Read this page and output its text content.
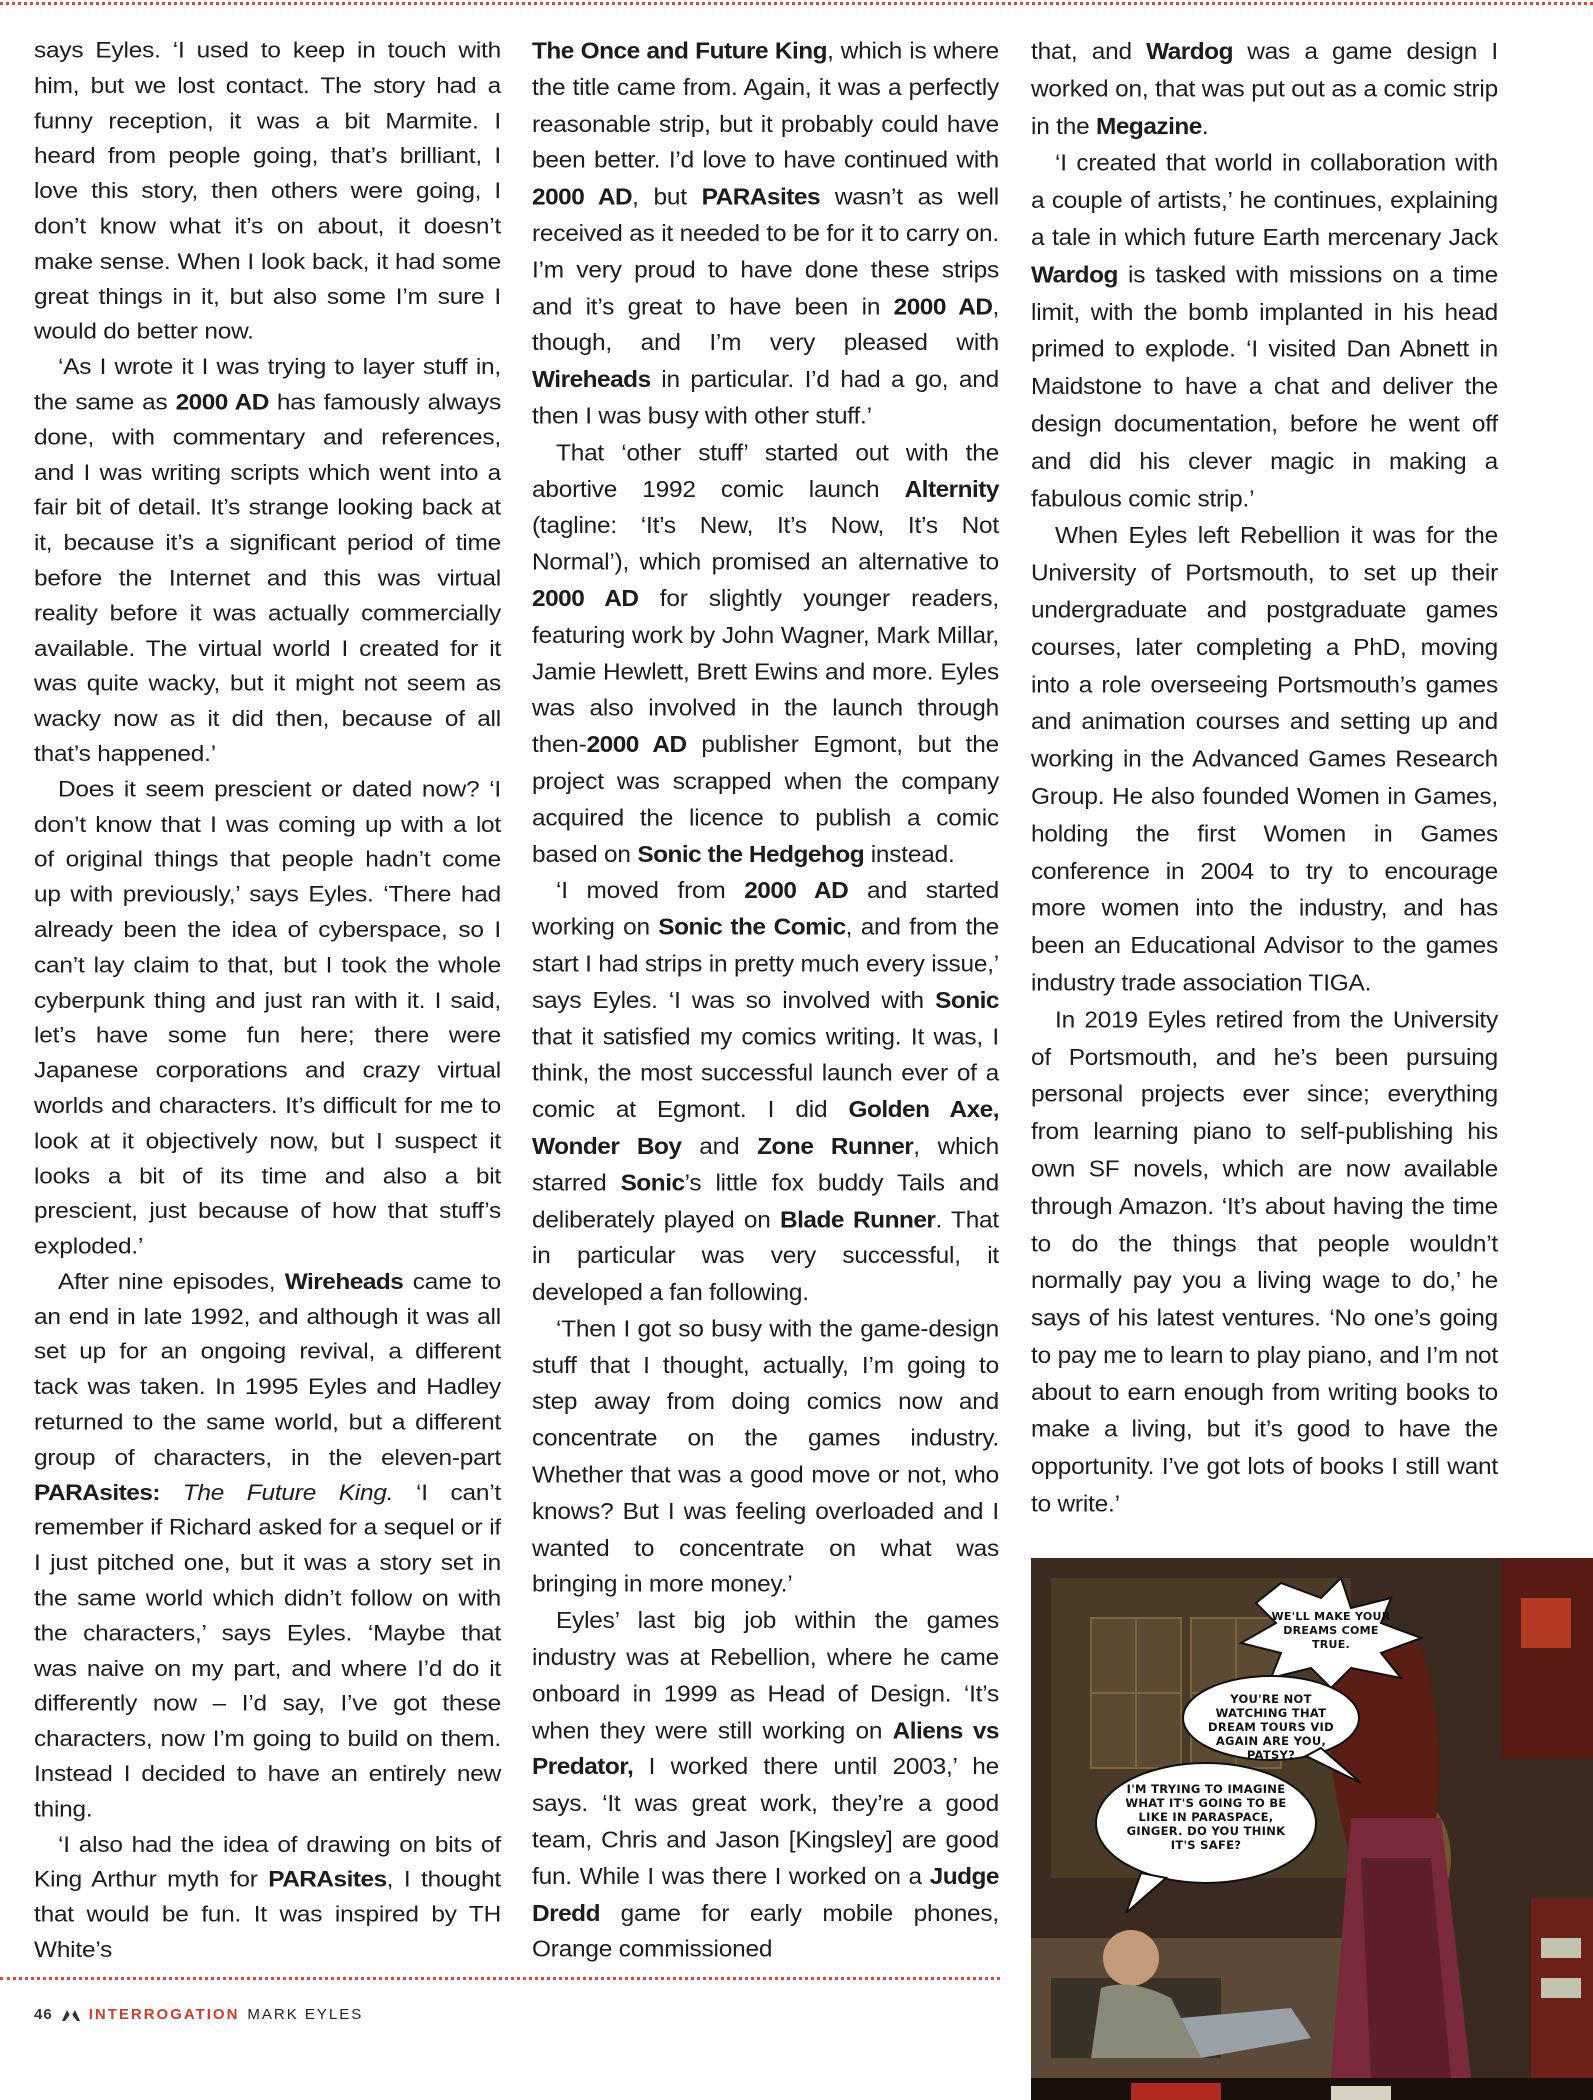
says Eyles. ‘I used to keep in touch with him, but we lost contact. The story had a funny reception, it was a bit Marmite. I heard from people going, that’s brilliant, I love this story, then others were going, I don’t know what it’s on about, it doesn’t make sense. When I look back, it had some great things in it, but also some I’m sure I would do better now.

‘As I wrote it I was trying to layer stuff in, the same as 2000 AD has famously always done, with commentary and references, and I was writing scripts which went into a fair bit of detail. It’s strange looking back at it, because it’s a significant period of time before the Internet and this was virtual reality before it was actually commercially available. The virtual world I created for it was quite wacky, but it might not seem as wacky now as it did then, because of all that’s happened.’

Does it seem prescient or dated now? ‘I don’t know that I was coming up with a lot of original things that people hadn’t come up with previously,’ says Eyles. ‘There had already been the idea of cyberspace, so I can’t lay claim to that, but I took the whole cyberpunk thing and just ran with it. I said, let’s have some fun here; there were Japanese corporations and crazy virtual worlds and characters. It’s difficult for me to look at it objectively now, but I suspect it looks a bit of its time and also a bit prescient, just because of how that stuff’s exploded.’

After nine episodes, Wireheads came to an end in late 1992, and although it was all set up for an ongoing revival, a different tack was taken. In 1995 Eyles and Hadley returned to the same world, but a different group of characters, in the eleven-part PARAsites: The Future King. ‘I can’t remember if Richard asked for a sequel or if I just pitched one, but it was a story set in the same world which didn’t follow on with the characters,’ says Eyles. ‘Maybe that was naive on my part, and where I’d do it differently now – I’d say, I’ve got these characters, now I’m going to build on them. Instead I decided to have an entirely new thing.

‘I also had the idea of drawing on bits of King Arthur myth for PARAsites, I thought that would be fun. It was inspired by TH White’s

The Once and Future King, which is where the title came from. Again, it was a perfectly reasonable strip, but it probably could have been better. I’d love to have continued with 2000 AD, but PARAsites wasn’t as well received as it needed to be for it to carry on. I’m very proud to have done these strips and it’s great to have been in 2000 AD, though, and I’m very pleased with Wireheads in particular. I’d had a go, and then I was busy with other stuff.’

That ‘other stuff’ started out with the abortive 1992 comic launch Alternity (tagline: ‘It’s New, It’s Now, It’s Not Normal’), which promised an alternative to 2000 AD for slightly younger readers, featuring work by John Wagner, Mark Millar, Jamie Hewlett, Brett Ewins and more. Eyles was also involved in the launch through then-2000 AD publisher Egmont, but the project was scrapped when the company acquired the licence to publish a comic based on Sonic the Hedgehog instead.

‘I moved from 2000 AD and started working on Sonic the Comic, and from the start I had strips in pretty much every issue,’ says Eyles. ‘I was so involved with Sonic that it satisfied my comics writing. It was, I think, the most successful launch ever of a comic at Egmont. I did Golden Axe, Wonder Boy and Zone Runner, which starred Sonic’s little fox buddy Tails and deliberately played on Blade Runner. That in particular was very successful, it developed a fan following.

‘Then I got so busy with the game-design stuff that I thought, actually, I’m going to step away from doing comics now and concentrate on the games industry. Whether that was a good move or not, who knows? But I was feeling overloaded and I wanted to concentrate on what was bringing in more money.’

Eyles’ last big job within the games industry was at Rebellion, where he came onboard in 1999 as Head of Design. ‘It’s when they were still working on Aliens vs Predator, I worked there until 2003,’ he says. ‘It was great work, they’re a good team, Chris and Jason [Kingsley] are good fun. While I was there I worked on a Judge Dredd game for early mobile phones, Orange commissioned

that, and Wardog was a game design I worked on, that was put out as a comic strip in the Megazine.

‘I created that world in collaboration with a couple of artists,’ he continues, explaining a tale in which future Earth mercenary Jack Wardog is tasked with missions on a time limit, with the bomb implanted in his head primed to explode. ‘I visited Dan Abnett in Maidstone to have a chat and deliver the design documentation, before he went off and did his clever magic in making a fabulous comic strip.’

When Eyles left Rebellion it was for the University of Portsmouth, to set up their undergraduate and postgraduate games courses, later completing a PhD, moving into a role overseeing Portsmouth’s games and animation courses and setting up and working in the Advanced Games Research Group. He also founded Women in Games, holding the first Women in Games conference in 2004 to try to encourage more women into the industry, and has been an Educational Advisor to the games industry trade association TIGA.

In 2019 Eyles retired from the University of Portsmouth, and he’s been pursuing personal projects ever since; everything from learning piano to self-publishing his own SF novels, which are now available through Amazon. ‘It’s about having the time to do the things that people wouldn’t normally pay you a living wage to do,’ he says of his latest ventures. ‘No one’s going to pay me to learn to play piano, and I’m not about to earn enough from writing books to make a living, but it’s good to have the opportunity. I’ve got lots of books I still want to write.’

WE'LL MAKE YOUR DREAMS COME TRUE.
YOU'RE NOT WATCHING THAT DREAM TOURS VID AGAIN ARE YOU, PATSY?
I'M TRYING TO IMAGINE WHAT IT'S GOING TO BE LIKE IN PARASPACE, GINGER. DO YOU THINK IT'S SAFE?
46 INTERROGATION MARK EYLES
